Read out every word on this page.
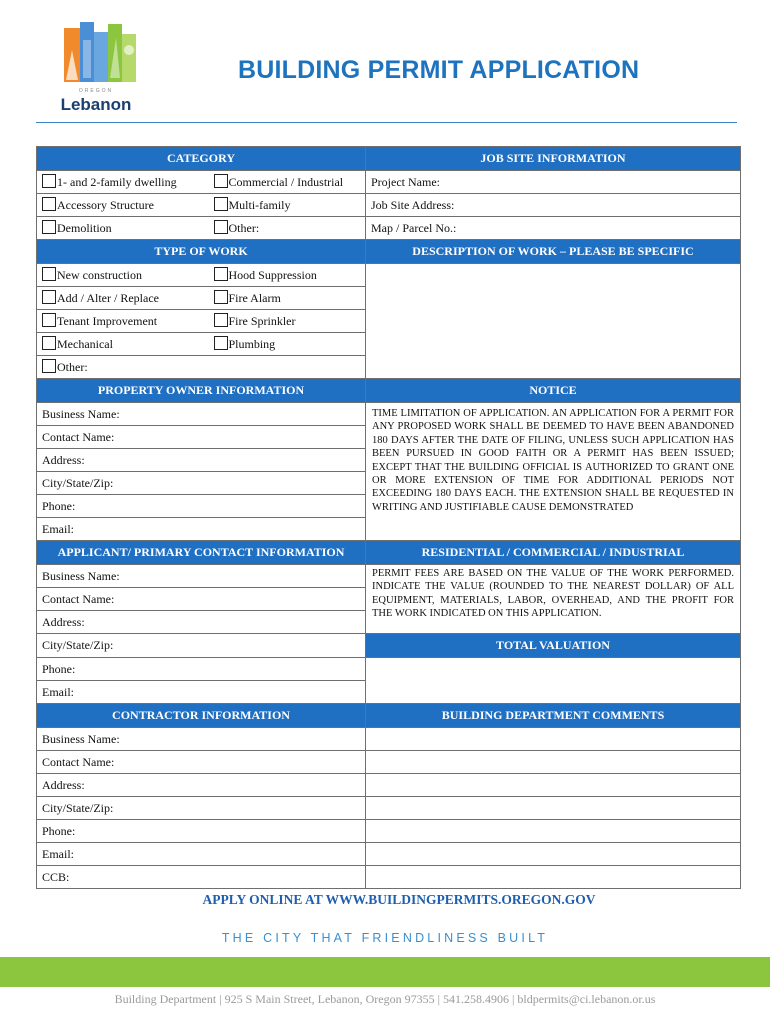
OREGON
Lebanon
BUILDING PERMIT APPLICATION
CATEGORY		JOB SITE INFORMATION
1- and 2-family dwelling	Commercial / Industrial	Project Name:
Accessory Structure	Multi-family	Job Site Address:
Demolition	Other:	Map / Parcel No.:
TYPE OF WORK		DESCRIPTION OF WORK – PLEASE BE SPECIFIC
New construction	Hood Suppression	
Add / Alter / Replace	Fire Alarm	
Tenant Improvement	Fire Sprinkler	
Mechanical	Plumbing	
Other:		
PROPERTY OWNER INFORMATION		NOTICE
Business Name:		TIME LIMITATION OF APPLICATION. AN APPLICATION FOR A PERMIT FOR ANY PROPOSED WORK SHALL BE DEEMED TO HAVE BEEN ABANDONED 180 DAYS AFTER THE DATE OF FILING, UNLESS SUCH APPLICATION HAS BEEN PURSUED IN GOOD FAITH OR A PERMIT HAS BEEN ISSUED; EXCEPT THAT THE BUILDING OFFICIAL IS AUTHORIZED TO GRANT ONE OR MORE EXTENSION OF TIME FOR ADDITIONAL PERIODS NOT EXCEEDING 180 DAYS EACH. THE EXTENSION SHALL BE REQUESTED IN WRITING AND JUSTIFIABLE CAUSE DEMONSTRATED
Contact Name:		
Address:		
City/State/Zip:		
Phone:		
Email:		
APPLICANT/ PRIMARY CONTACT INFORMATION		RESIDENTIAL / COMMERCIAL / INDUSTRIAL
Business Name:		PERMIT FEES ARE BASED ON THE VALUE OF THE WORK PERFORMED. INDICATE THE VALUE (ROUNDED TO THE NEAREST DOLLAR) OF ALL EQUIPMENT, MATERIALS, LABOR, OVERHEAD, AND THE PROFIT FOR THE WORK INDICATED ON THIS APPLICATION.
Contact Name:		
Address:		
City/State/Zip:		TOTAL VALUATION
Phone:		
Email:		
CONTRACTOR INFORMATION		BUILDING DEPARTMENT COMMENTS
Business Name:		
Contact Name:		
Address:		
City/State/Zip:		
Phone:		
Email:		
CCB:		
APPLY ONLINE AT WWW.BUILDINGPERMITS.OREGON.GOV
THE CITY THAT FRIENDLINESS BUILT
Building Department | 925 S Main Street, Lebanon, Oregon 97355 | 541.258.4906 | bldpermits@ci.lebanon.or.us
